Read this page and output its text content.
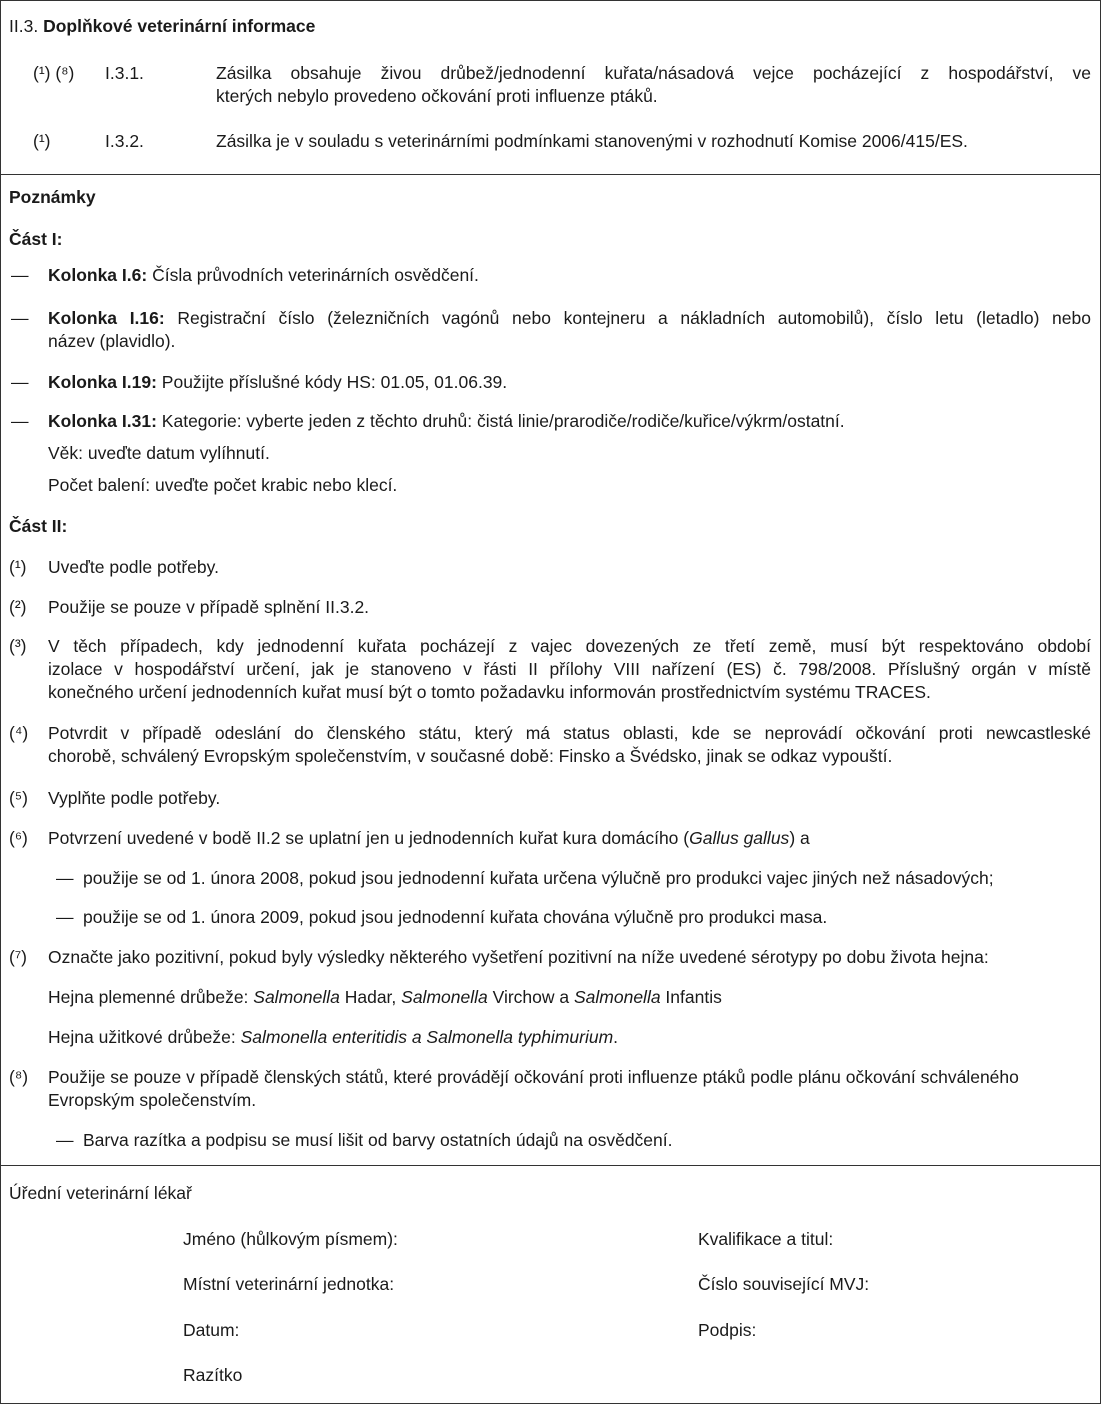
II.3. Doplňkové veterinární informace
(¹) (⁸) I.3.1.	Zásilka obsahuje živou drůbež/jednodenní kuřata/násadová vejce pocházející z hospodářství, ve
kterých nebylo provedeno očkování proti influenze ptáků.
(¹)	I.3.2.	Zásilka je v souladu s veterinárními podmínkami stanovenými v rozhodnutí Komise 2006/415/ES.
Poznámky
Část I:
— Kolonka I.6: Čísla průvodních veterinárních osvědčení.
— Kolonka I.16: Registrační číslo (železničních vagónů nebo kontejneru a nákladních automobilů), číslo letu (letadlo) nebo
název (plavidlo).
— Kolonka I.19: Použijte příslušné kódy HS: 01.05, 01.06.39.
— Kolonka I.31: Kategorie: vyberte jeden z těchto druhů: čistá linie/prarodiče/rodiče/kuřice/výkrm/ostatní.
Věk: uveďte datum vylíhnutí.
Počet balení: uveďte počet krabic nebo klecí.
Část II:
(¹) Uveďte podle potřeby.
(²) Použije se pouze v případě splnění II.3.2.
(³) V těch případech, kdy jednodenní kuřata pocházejí z vajec dovezených ze třetí země, musí být respektováno období
izolace v hospodářství určení, jak je stanoveno v řásti II přílohy VIII nařízení (ES) č. 798/2008. Příslušný orgán v místě
konečného určení jednodenních kuřat musí být o tomto požadavku informován prostřednictvím systému TRACES.
(⁴) Potvrdit v případě odeslání do členského státu, který má status oblasti, kde se neprovádí očkování proti newcastleské
chorobě, schválený Evropským společenstvím, v současné době: Finsko a Švédsko, jinak se odkaz vypouští.
(⁵) Vyplňte podle potřeby.
(⁶) Potvrzení uvedené v bodě II.2 se uplatní jen u jednodenních kuřat kura domácího (Gallus gallus) a
— použije se od 1. února 2008, pokud jsou jednodenní kuřata určena výlučně pro produkci vajec jiných než násadových;
— použije se od 1. února 2009, pokud jsou jednodenní kuřata chována výlučně pro produkci masa.
(⁷) Označte jako pozitivní, pokud byly výsledky některého vyšetření pozitivní na níže uvedené sérotypy po dobu života hejna:
Hejna plemenné drůbeže: Salmonella Hadar, Salmonella Virchow a Salmonella Infantis
Hejna užitkové drůbeže: Salmonella enteritidis a Salmonella typhimurium.
(⁸) Použije se pouze v případě členských států, které provádějí očkování proti influenze ptáků podle plánu očkování schváleného
Evropským společenstvím.
— Barva razítka a podpisu se musí lišit od barvy ostatních údajů na osvědčení.
Úřední veterinární lékař
Jméno (hůlkovým písmem):	Kvalifikace a titul:
Místní veterinární jednotka:	Číslo související MVJ:
Datum:	Podpis:
Razítko
